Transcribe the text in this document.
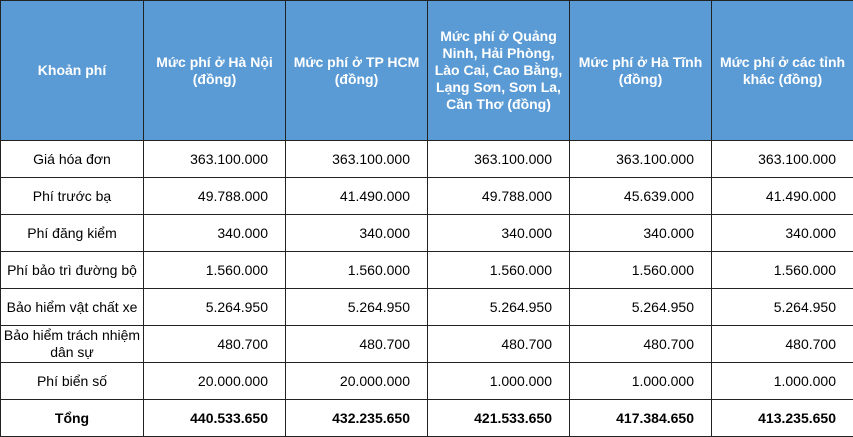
Khoản phí	Mức phí ở Hà Nội (đồng)	Mức phí ở TP HCM (đồng)	Mức phí ở Quảng Ninh, Hải Phòng, Lào Cai, Cao Bằng, Lạng Sơn, Sơn La, Cần Thơ (đồng)	Mức phí ở Hà Tĩnh (đồng)	Mức phí ở các tỉnh khác (đồng)
Giá hóa đơn	363.100.000	363.100.000	363.100.000	363.100.000	363.100.000
Phí trước bạ	49.788.000	41.490.000	49.788.000	45.639.000	41.490.000
Phí đăng kiểm	340.000	340.000	340.000	340.000	340.000
Phí bảo trì đường bộ	1.560.000	1.560.000	1.560.000	1.560.000	1.560.000
Bảo hiểm vật chất xe	5.264.950	5.264.950	5.264.950	5.264.950	5.264.950
Bảo hiểm trách nhiệm dân sự	480.700	480.700	480.700	480.700	480.700
Phí biển số	20.000.000	20.000.000	1.000.000	1.000.000	1.000.000
Tổng	440.533.650	432.235.650	421.533.650	417.384.650	413.235.650
